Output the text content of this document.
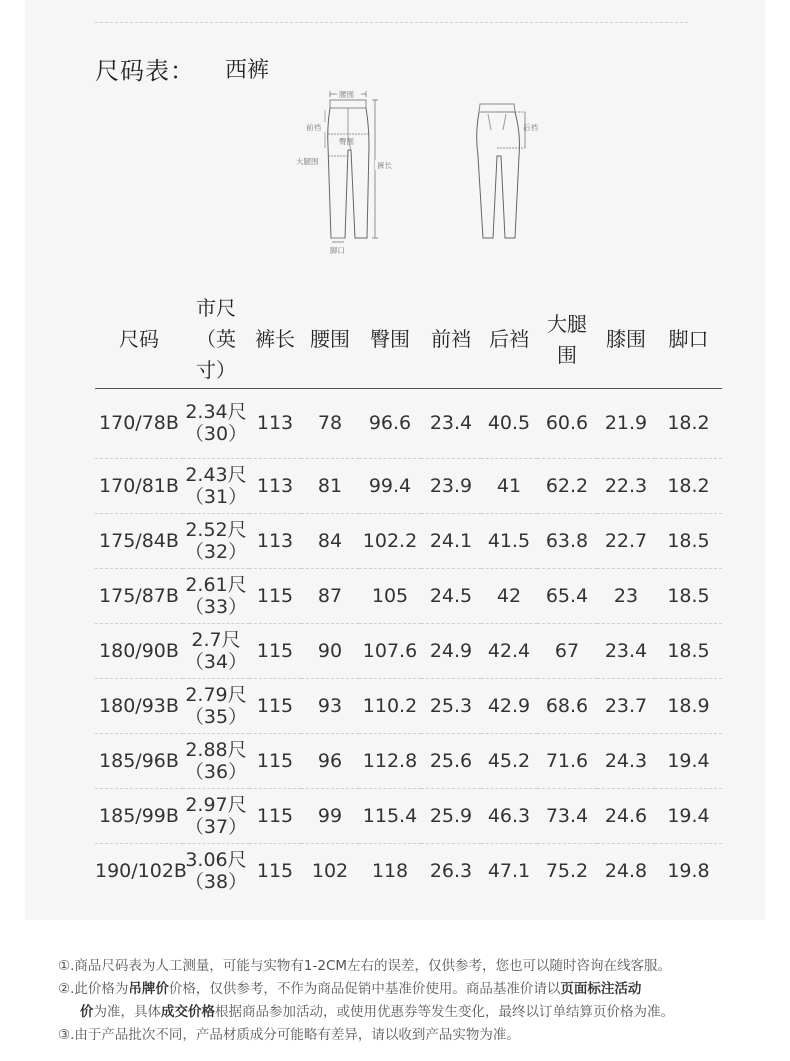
尺码表： 西裤
腰围
前裆
臀围
大腿围	裤长
脚口
后裆
尺码	市尺
（英
寸）	裤长	腰围	臀围	前裆	后裆	大腿
围	膝围	脚口

170/78B	2.34尺
（30）	113	78	96.6	23.4	40.5	60.6	21.9	18.2

170/81B	2.43尺
（31）	113	81	99.4	23.9	41	62.2	22.3	18.2

175/84B	2.52尺
（32）	113	84	102.2	24.1	41.5	63.8	22.7	18.5

175/87B	2.61尺
（33）	115	87	105	24.5	42	65.4	23	18.5

180/90B	2.7尺
（34）	115	90	107.6	24.9	42.4	67	23.4	18.5

180/93B	2.79尺
（35）	115	93	110.2	25.3	42.9	68.6	23.7	18.9

185/96B	2.88尺
（36）	115	96	112.8	25.6	45.2	71.6	24.3	19.4

185/99B	2.97尺
（37）	115	99	115.4	25.9	46.3	73.4	24.6	19.4

190/102B	3.06尺
（38）	115	102	118	26.3	47.1	75.2	24.8	19.8

①.商品尺码表为人工测量，可能与实物有1-2CM左右的误差，仅供参考，您也可以随时咨询在线客服。

②.此价格为吊牌价价格，仅供参考，不作为商品促销中基准价使用。商品基准价请以页面标注活动

价为准，具体成交价格根据商品参加活动，或使用优惠券等发生变化，最终以订单结算页价格为准。

③.由于产品批次不同，产品材质成分可能略有差异，请以收到产品实物为准。
